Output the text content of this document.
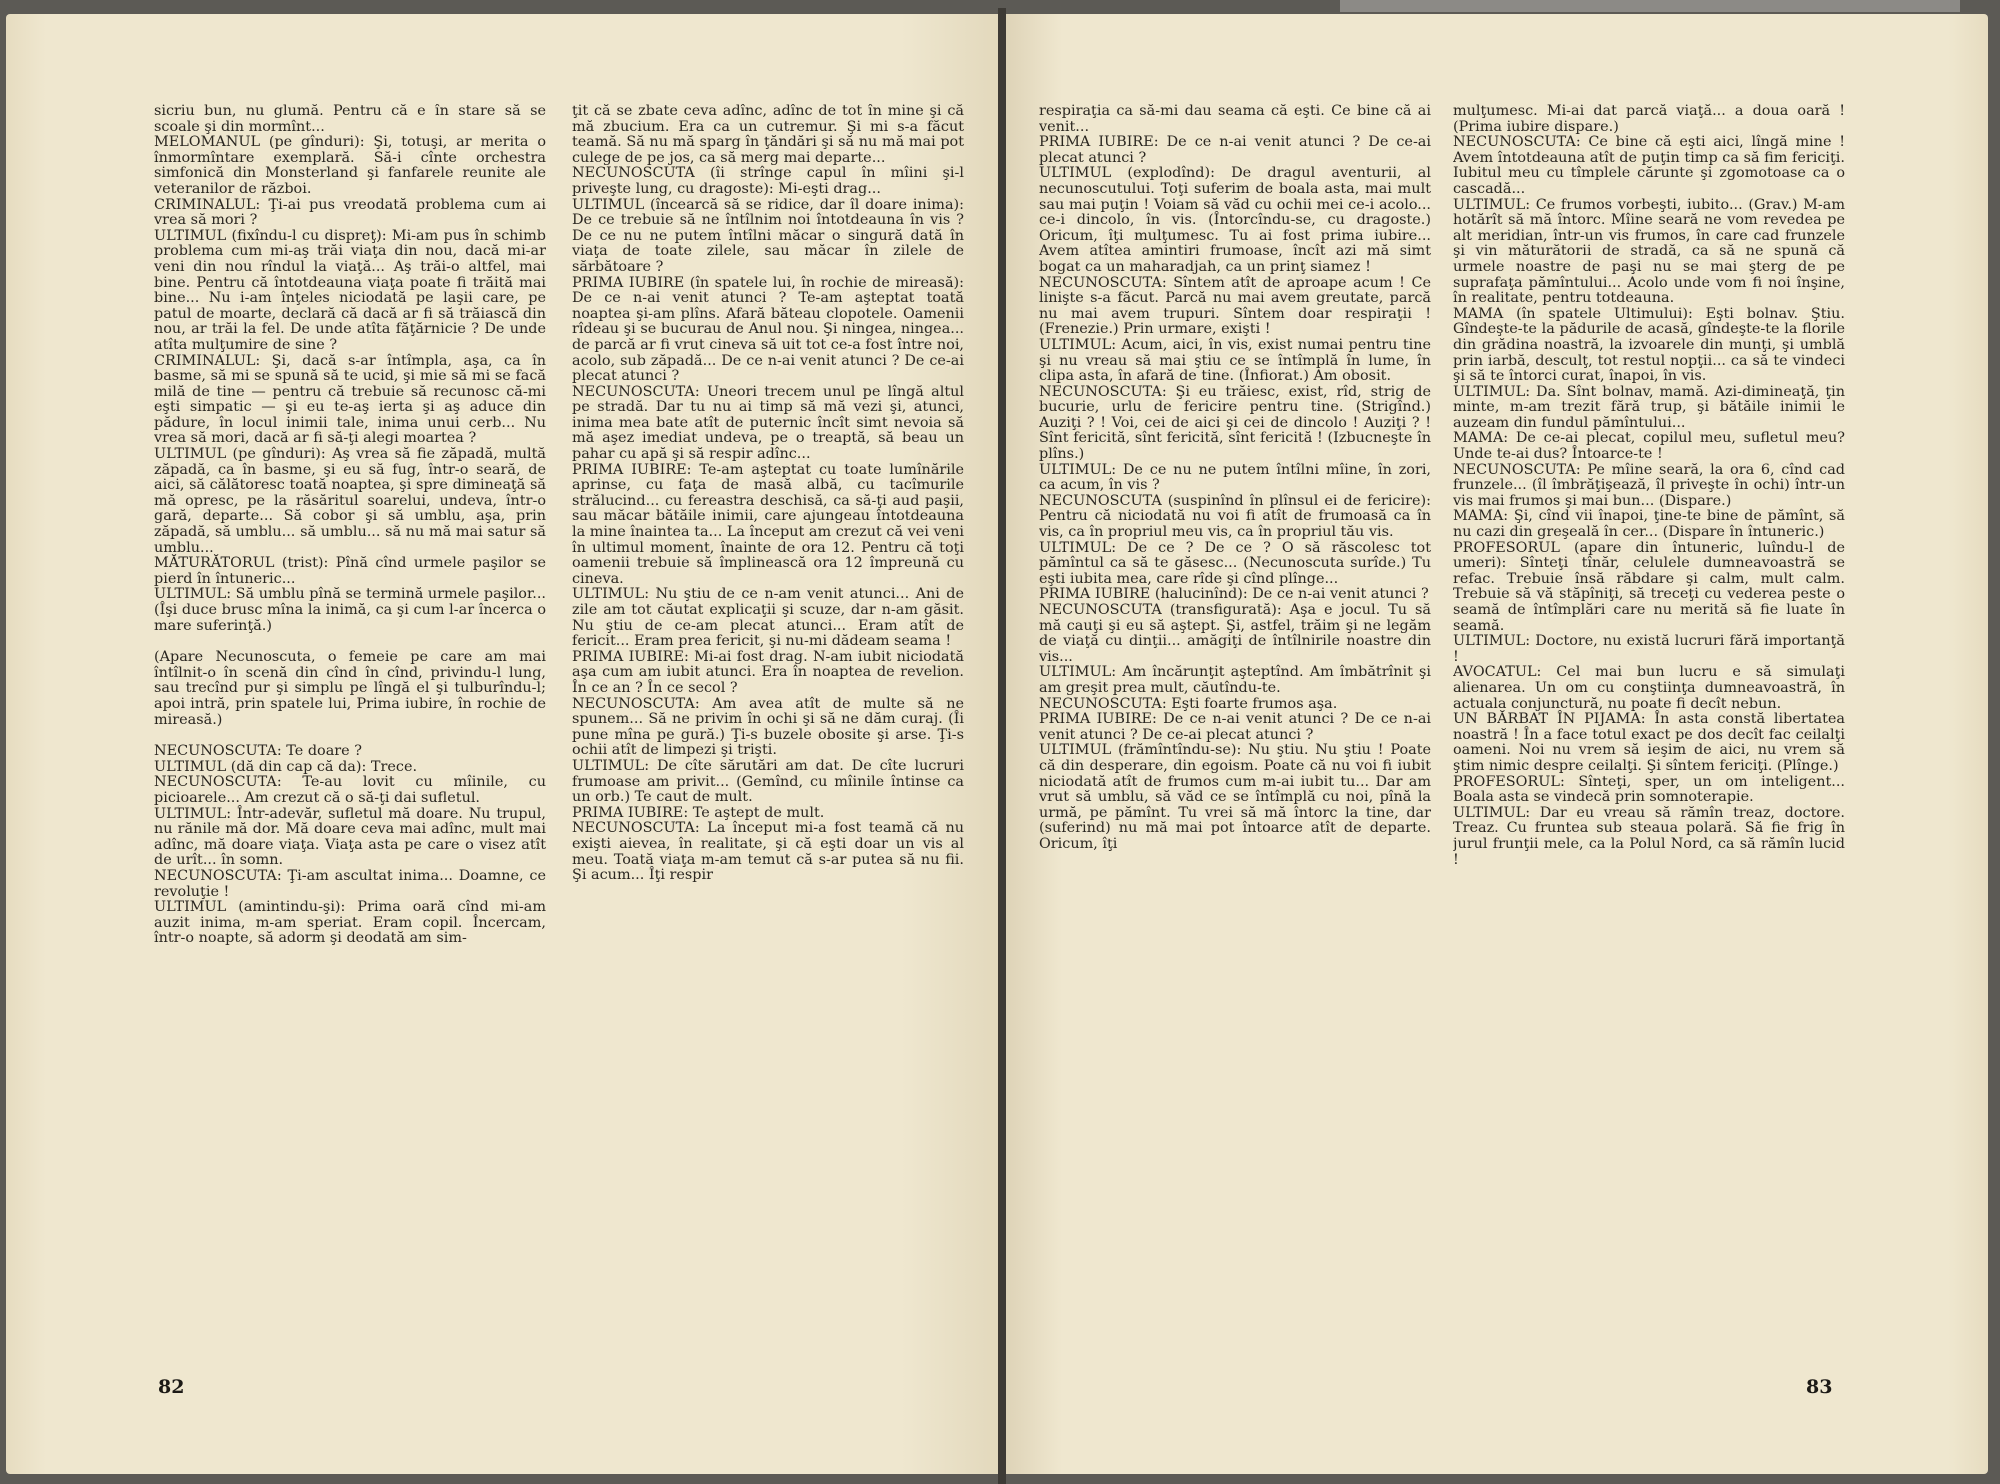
sicriu bun, nu glumă. Pentru că e în stare să se scoale şi din mormînt...

MELOMANUL (pe gînduri): Şi, totuşi, ar merita o înmormîntare exemplară. Să-i cînte orchestra simfonică din Monsterland şi fanfarele reunite ale veteranilor de război.

CRIMINALUL: Ţi-ai pus vreodată problema cum ai vrea să mori ?

ULTIMUL (fixîndu-l cu dispreţ): Mi-am pus în schimb problema cum mi-aş trăi viaţa din nou, dacă mi-ar veni din nou rîndul la viaţă... Aş trăi-o altfel, mai bine. Pentru că întotdeauna viaţa poate fi trăită mai bine... Nu i-am înţeles niciodată pe laşii care, pe patul de moarte, declară că dacă ar fi să trăiască din nou, ar trăi la fel. De unde atîta făţărnicie ? De unde atîta mulţumire de sine ?

CRIMINALUL: Şi, dacă s-ar întîmpla, aşa, ca în basme, să mi se spună să te ucid, şi mie să mi se facă milă de tine — pentru că trebuie să recunosc că-mi eşti simpatic — şi eu te-aş ierta şi aş aduce din pădure, în locul inimii tale, inima unui cerb... Nu vrea să mori, dacă ar fi să-ţi alegi moartea ?

ULTIMUL (pe gînduri): Aş vrea să fie zăpadă, multă zăpadă, ca în basme, şi eu să fug, într-o seară, de aici, să călătoresc toată noaptea, şi spre dimineaţă să mă opresc, pe la răsăritul soarelui, undeva, într-o gară, departe... Să cobor şi să umblu, aşa, prin zăpadă, să umblu... să umblu... să nu mă mai satur să umblu...

MĂTURĂTORUL (trist): Pînă cînd urmele paşilor se pierd în întuneric...

ULTIMUL: Să umblu pînă se termină urmele paşilor... (Îşi duce brusc mîna la inimă, ca şi cum l-ar încerca o mare suferinţă.)

(Apare Necunoscuta, o femeie pe care am mai întîlnit-o în scenă din cînd în cînd, privindu-l lung, sau trecînd pur şi simplu pe lîngă el şi tulburîndu-l; apoi intră, prin spatele lui, Prima iubire, în rochie de mireasă.)

NECUNOSCUTA: Te doare ?

ULTIMUL (dă din cap că da): Trece.

NECUNOSCUTA: Te-au lovit cu mîinile, cu picioarele... Am crezut că o să-ţi dai sufletul.

ULTIMUL: Într-adevăr, sufletul mă doare. Nu trupul, nu rănile mă dor. Mă doare ceva mai adînc, mult mai adînc, mă doare viaţa. Viaţa asta pe care o visez atît de urît... în somn.

NECUNOSCUTA: Ţi-am ascultat inima... Doamne, ce revoluţie !

ULTIMUL (amintindu-şi): Prima oară cînd mi-am auzit inima, m-am speriat. Eram copil. Încercam, într-o noapte, să adorm şi deodată am sim-

ţit că se zbate ceva adînc, adînc de tot în mine şi că mă zbucium. Era ca un cutremur. Şi mi s-a făcut teamă. Să nu mă sparg în ţăndări şi să nu mă mai pot culege de pe jos, ca să merg mai departe...

NECUNOSCUTA (îi strînge capul în mîini şi-l priveşte lung, cu dragoste): Mi-eşti drag...

ULTIMUL (încearcă să se ridice, dar îl doare inima): De ce trebuie să ne întîlnim noi întotdeauna în vis ? De ce nu ne putem întîlni măcar o singură dată în viaţa de toate zilele, sau măcar în zilele de sărbătoare ?

PRIMA IUBIRE (în spatele lui, în rochie de mireasă): De ce n-ai venit atunci ? Te-am aşteptat toată noaptea şi-am plîns. Afară băteau clopotele. Oamenii rîdeau şi se bucurau de Anul nou. Şi ningea, ningea... de parcă ar fi vrut cineva să uit tot ce-a fost între noi, acolo, sub zăpadă... De ce n-ai venit atunci ? De ce-ai plecat atunci ?

NECUNOSCUTA: Uneori trecem unul pe lîngă altul pe stradă. Dar tu nu ai timp să mă vezi şi, atunci, inima mea bate atît de puternic încît simt nevoia să mă aşez imediat undeva, pe o treaptă, să beau un pahar cu apă şi să respir adînc...

PRIMA IUBIRE: Te-am aşteptat cu toate lumînările aprinse, cu faţa de masă albă, cu tacîmurile strălucind... cu fereastra deschisă, ca să-ţi aud paşii, sau măcar bătăile inimii, care ajungeau întotdeauna la mine înaintea ta... La început am crezut că vei veni în ultimul moment, înainte de ora 12. Pentru că toţi oamenii trebuie să împlinească ora 12 împreună cu cineva.

ULTIMUL: Nu ştiu de ce n-am venit atunci... Ani de zile am tot căutat explicaţii şi scuze, dar n-am găsit. Nu ştiu de ce-am plecat atunci... Eram atît de fericit... Eram prea fericit, şi nu-mi dădeam seama !

PRIMA IUBIRE: Mi-ai fost drag. N-am iubit niciodată aşa cum am iubit atunci. Era în noaptea de revelion. În ce an ? În ce secol ?

NECUNOSCUTA: Am avea atît de multe să ne spunem... Să ne privim în ochi şi să ne dăm curaj. (Îi pune mîna pe gură.) Ţi-s buzele obosite şi arse. Ţi-s ochii atît de limpezi şi trişti.

ULTIMUL: De cîte sărutări am dat. De cîte lucruri frumoase am privit... (Gemînd, cu mîinile întinse ca un orb.) Te caut de mult.

PRIMA IUBIRE: Te aştept de mult.

NECUNOSCUTA: La început mi-a fost teamă că nu exişti aievea, în realitate, şi că eşti doar un vis al meu. Toată viaţa m-am temut că s-ar putea să nu fii. Şi acum... Îţi respir

82

respiraţia ca să-mi dau seama că eşti. Ce bine că ai venit...

PRIMA IUBIRE: De ce n-ai venit atunci ? De ce-ai plecat atunci ?

ULTIMUL (explodînd): De dragul aventurii, al necunoscutului. Toţi suferim de boala asta, mai mult sau mai puţin ! Voiam să văd cu ochii mei ce-i acolo... ce-i dincolo, în vis. (Întorcîndu-se, cu dragoste.) Oricum, îţi mulţumesc. Tu ai fost prima iubire... Avem atîtea amintiri frumoase, încît azi mă simt bogat ca un maharadjah, ca un prinţ siamez !

NECUNOSCUTA: Sîntem atît de aproape acum ! Ce linişte s-a făcut. Parcă nu mai avem greutate, parcă nu mai avem trupuri. Sîntem doar respiraţii ! (Frenezie.) Prin urmare, exişti !

ULTIMUL: Acum, aici, în vis, exist numai pentru tine şi nu vreau să mai ştiu ce se întîmplă în lume, în clipa asta, în afară de tine. (Înfiorat.) Am obosit.

NECUNOSCUTA: Şi eu trăiesc, exist, rîd, strig de bucurie, urlu de fericire pentru tine. (Strigînd.) Auziţi ? ! Voi, cei de aici şi cei de dincolo ! Auziţi ? ! Sînt fericită, sînt fericită, sînt fericită ! (Izbucneşte în plîns.)

ULTIMUL: De ce nu ne putem întîlni mîine, în zori, ca acum, în vis ?

NECUNOSCUTA (suspinînd în plînsul ei de fericire): Pentru că niciodată nu voi fi atît de frumoasă ca în vis, ca în propriul meu vis, ca în propriul tău vis.

ULTIMUL: De ce ? De ce ? O să răscolesc tot pămîntul ca să te găsesc... (Necunoscuta surîde.) Tu eşti iubita mea, care rîde şi cînd plînge...

PRIMA IUBIRE (halucinînd): De ce n-ai venit atunci ?

NECUNOSCUTA (transfigurată): Aşa e jocul. Tu să mă cauţi şi eu să aştept. Şi, astfel, trăim şi ne legăm de viaţă cu dinţii... amăgiţi de întîlnirile noastre din vis...

ULTIMUL: Am încărunţit aşteptînd. Am îmbătrînit şi am greşit prea mult, căutîndu-te.

NECUNOSCUTA: Eşti foarte frumos aşa.

PRIMA IUBIRE: De ce n-ai venit atunci ? De ce n-ai venit atunci ? De ce-ai plecat atunci ?

ULTIMUL (frămîntîndu-se): Nu ştiu. Nu ştiu ! Poate că din desperare, din egoism. Poate că nu voi fi iubit niciodată atît de frumos cum m-ai iubit tu... Dar am vrut să umblu, să văd ce se întîmplă cu noi, pînă la urmă, pe pămînt. Tu vrei să mă întorc la tine, dar (suferind) nu mă mai pot întoarce atît de departe. Oricum, îţi

mulţumesc. Mi-ai dat parcă viaţă... a doua oară ! (Prima iubire dispare.)

NECUNOSCUTA: Ce bine că eşti aici, lîngă mine ! Avem întotdeauna atît de puţin timp ca să fim fericiţi. Iubitul meu cu tîmplele cărunte şi zgomotoase ca o cascadă...

ULTIMUL: Ce frumos vorbeşti, iubito... (Grav.) M-am hotărît să mă întorc. Mîine seară ne vom revedea pe alt meridian, într-un vis frumos, în care cad frunzele şi vin măturătorii de stradă, ca să ne spună că urmele noastre de paşi nu se mai şterg de pe suprafaţa pămîntului... Acolo unde vom fi noi înşine, în realitate, pentru totdeauna.

MAMA (în spatele Ultimului): Eşti bolnav. Ştiu. Gîndeşte-te la pădurile de acasă, gîndeşte-te la florile din grădina noastră, la izvoarele din munţi, şi umblă prin iarbă, desculţ, tot restul nopţii... ca să te vindeci şi să te întorci curat, înapoi, în vis.

ULTIMUL: Da. Sînt bolnav, mamă. Azi-dimineaţă, ţin minte, m-am trezit fără trup, şi bătăile inimii le auzeam din fundul pămîntului...

MAMA: De ce-ai plecat, copilul meu, sufletul meu? Unde te-ai dus? Întoarce-te !

NECUNOSCUTA: Pe mîine seară, la ora 6, cînd cad frunzele... (îl îmbrăţişează, îl priveşte în ochi) într-un vis mai frumos şi mai bun... (Dispare.)

MAMA: Şi, cînd vii înapoi, ţine-te bine de pămînt, să nu cazi din greşeală în cer... (Dispare în întuneric.)

PROFESORUL (apare din întuneric, luîndu-l de umeri): Sînteţi tînăr, celulele dumneavoastră se refac. Trebuie însă răbdare şi calm, mult calm. Trebuie să vă stăpîniţi, să treceţi cu vederea peste o seamă de întîmplări care nu merită să fie luate în seamă.

ULTIMUL: Doctore, nu există lucruri fără importanţă !

AVOCATUL: Cel mai bun lucru e să simulaţi alienarea. Un om cu conştiinţa dumneavoastră, în actuala conjunctură, nu poate fi decît nebun.

UN BĂRBAT ÎN PIJAMA: În asta constă libertatea noastră ! În a face totul exact pe dos decît fac ceilalţi oameni. Noi nu vrem să ieşim de aici, nu vrem să ştim nimic despre ceilalţi. Şi sîntem fericiţi. (Plînge.)

PROFESORUL: Sînteţi, sper, un om inteligent... Boala asta se vindecă prin somnoterapie.

ULTIMUL: Dar eu vreau să rămîn treaz, doctore. Treaz. Cu fruntea sub steaua polară. Să fie frig în jurul frunţii mele, ca la Polul Nord, ca să rămîn lucid !

83
